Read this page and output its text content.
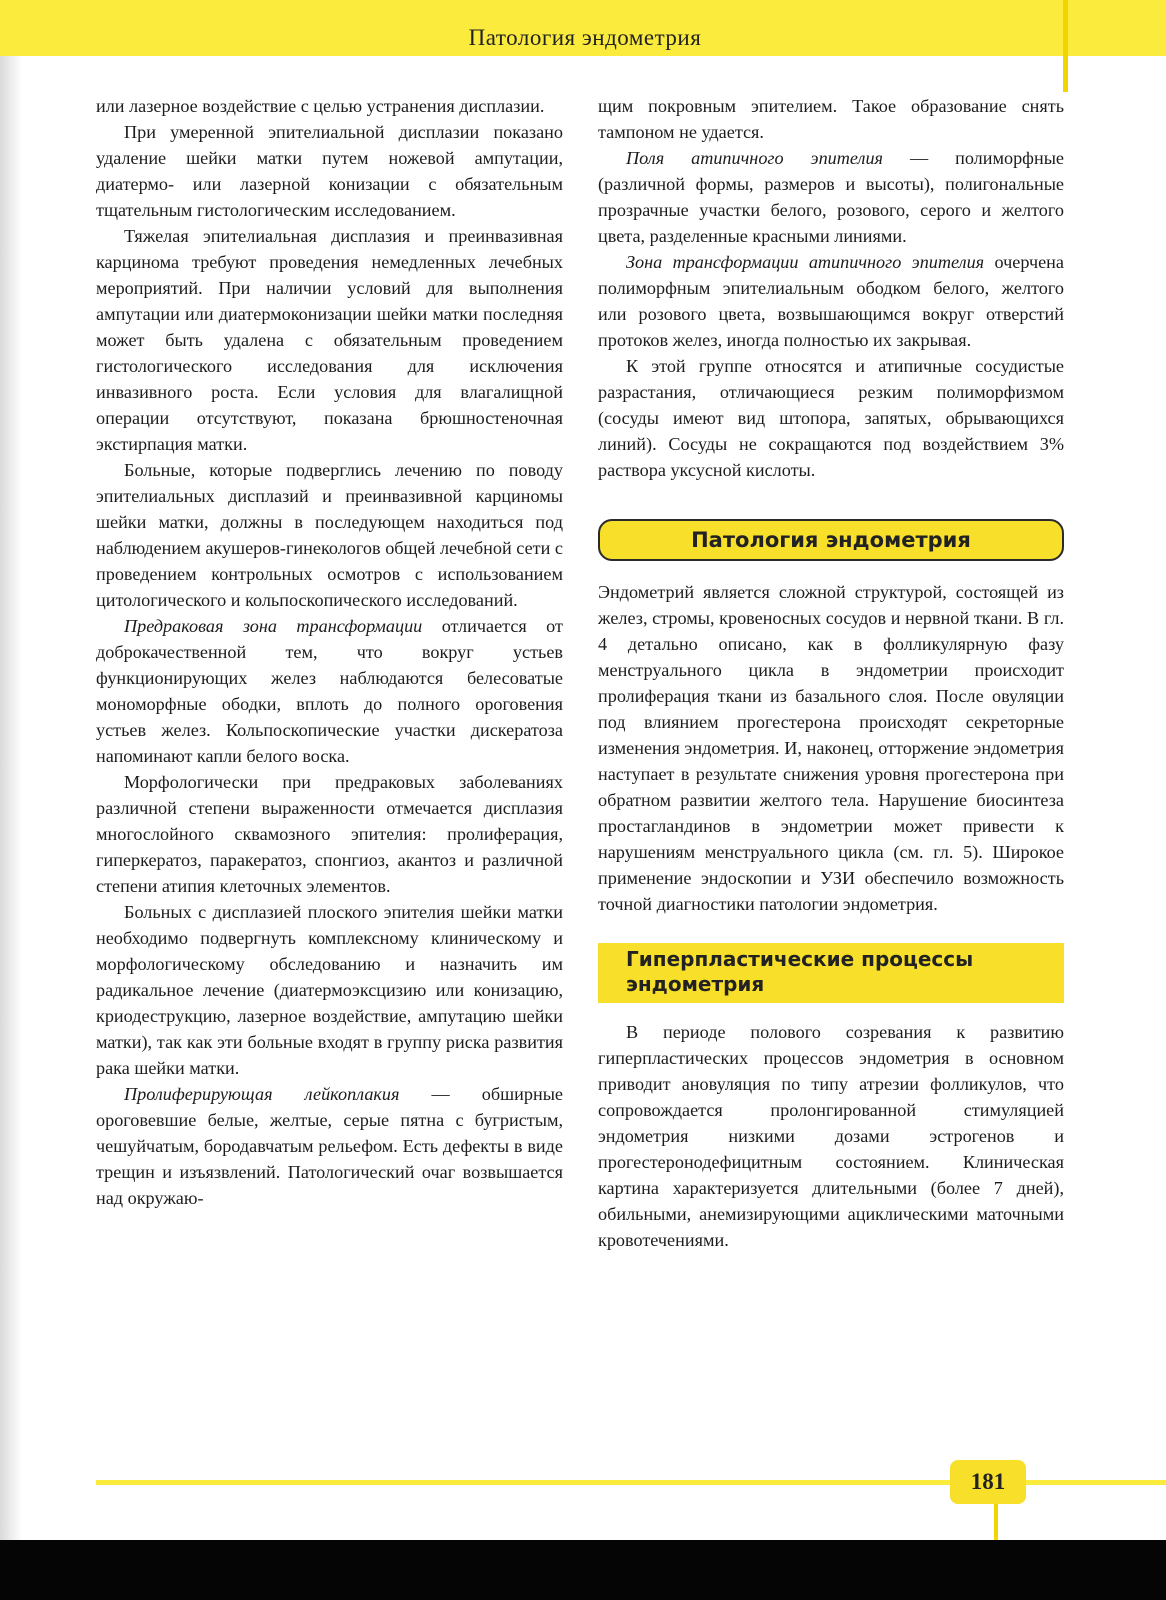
Патология эндометрия

или лазерное воздействие с целью устранения дисплазии.

При умеренной эпителиальной дисплазии показано удаление шейки матки путем ножевой ампутации, диатермо- или лазерной конизации с обязательным тщательным гистологическим исследованием.

Тяжелая эпителиальная дисплазия и преинвазивная карцинома требуют проведения немедленных лечебных мероприятий. При наличии условий для выполнения ампутации или диатермоконизации шейки матки последняя может быть удалена с обязательным проведением гистологического исследования для исключения инвазивного роста. Если условия для влагалищной операции отсутствуют, показана брюшностеночная экстирпация матки.

Больные, которые подверглись лечению по поводу эпителиальных дисплазий и преинвазивной карциномы шейки матки, должны в последующем находиться под наблюдением акушеров-гинекологов общей лечебной сети с проведением контрольных осмотров с использованием цитологического и кольпоскопического исследований.

Предраковая зона трансформации отличается от доброкачественной тем, что вокруг устьев функционирующих желез наблюдаются белесоватые мономорфные ободки, вплоть до полного ороговения устьев желез. Кольпоскопические участки дискератоза напоминают капли белого воска.

Морфологически при предраковых заболеваниях различной степени выраженности отмечается дисплазия многослойного сквамозного эпителия: пролиферация, гиперкератоз, паракератоз, спонгиоз, акантоз и различной степени атипия клеточных элементов.

Больных с дисплазией плоского эпителия шейки матки необходимо подвергнуть комплексному клиническому и морфологическому обследованию и назначить им радикальное лечение (диатермоэксцизию или конизацию, криодеструкцию, лазерное воздействие, ампутацию шейки матки), так как эти больные входят в группу риска развития рака шейки матки.

Пролиферирующая лейкоплакия — обширные ороговевшие белые, желтые, серые пятна с бугристым, чешуйчатым, бородавчатым рельефом. Есть дефекты в виде трещин и изъязвлений. Патологический очаг возвышается над окружаю-

щим покровным эпителием. Такое образование снять тампоном не удается.

Поля атипичного эпителия — полиморфные (различной формы, размеров и высоты), полигональные прозрачные участки белого, розового, серого и желтого цвета, разделенные красными линиями.

Зона трансформации атипичного эпителия очерчена полиморфным эпителиальным ободком белого, желтого или розового цвета, возвышающимся вокруг отверстий протоков желез, иногда полностью их закрывая.

К этой группе относятся и атипичные сосудистые разрастания, отличающиеся резким полиморфизмом (сосуды имеют вид штопора, запятых, обрывающихся линий). Сосуды не сокращаются под воздействием 3% раствора уксусной кислоты.

Патология эндометрия

Эндометрий является сложной структурой, состоящей из желез, стромы, кровеносных сосудов и нервной ткани. В гл. 4 детально описано, как в фолликулярную фазу менструального цикла в эндометрии происходит пролиферация ткани из базального слоя. После овуляции под влиянием прогестерона происходят секреторные изменения эндометрия. И, наконец, отторжение эндометрия наступает в результате снижения уровня прогестерона при обратном развитии желтого тела. Нарушение биосинтеза простагландинов в эндометрии может привести к нарушениям менструального цикла (см. гл. 5). Широкое применение эндоскопии и УЗИ обеспечило возможность точной диагностики патологии эндометрия.

Гиперпластические процессы
эндометрия

В периоде полового созревания к развитию гиперпластических процессов эндометрия в основном приводит ановуляция по типу атрезии фолликулов, что сопровождается пролонгированной стимуляцией эндометрия низкими дозами эстрогенов и прогестеронодефицитным состоянием. Клиническая картина характеризуется длительными (более 7 дней), обильными, анемизирующими ациклическими маточными кровотечениями.

181
